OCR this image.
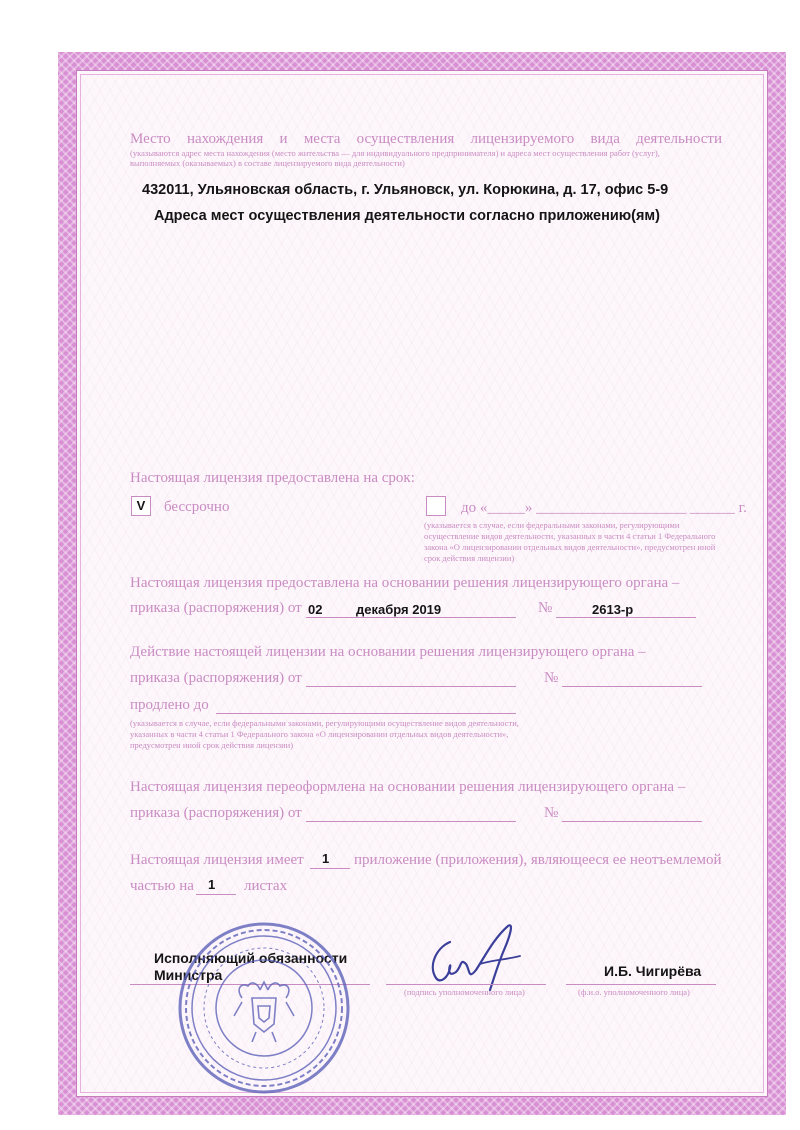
Место нахождения и места осуществления лицензируемого вида деятельности
(указываются адрес места нахождения (место жительства — для индивидуального предпринимателя) и адреса мест осуществления работ (услуг),
выполняемых (оказываемых) в составе лицензируемого вида деятельности)
432011, Ульяновская область, г. Ульяновск, ул. Корюкина, д. 17, офис 5-9
Адреса мест осуществления деятельности согласно приложению(ям)
Настоящая лицензия предоставлена на срок:
V	бессрочно	до «_____» ____________________ ______ г.
(указывается в случае, если федеральными законами, регулирующими осуществление видов деятельности, указанных в части 4 статьи 1 Федерального закона «О лицензировании отдельных видов деятельности», предусмотрен иной срок действия лицензии)
Настоящая лицензия предоставлена на основании решения лицензирующего органа –
приказа (распоряжения) от 02	декабря 2019	№	2613-р
Действие настоящей лицензии на основании решения лицензирующего органа –
приказа (распоряжения) от	№
продлено до
(указывается в случае, если федеральными законами, регулирующими осуществление видов деятельности, указанных в части 4 статьи 1 Федерального закона «О лицензировании отдельных видов деятельности», предусмотрен иной срок действия лицензии)
Настоящая лицензия переоформлена на основании решения лицензирующего органа –
приказа (распоряжения) от	№
Настоящая лицензия имеет 1 приложение (приложения), являющееся ее неотъемлемой
частью на 1 листах
Исполняющий обязанности
Министра
(подпись уполномоченного лица)
И.Б. Чигирёва
(ф.и.о. уполномоченного лица)
